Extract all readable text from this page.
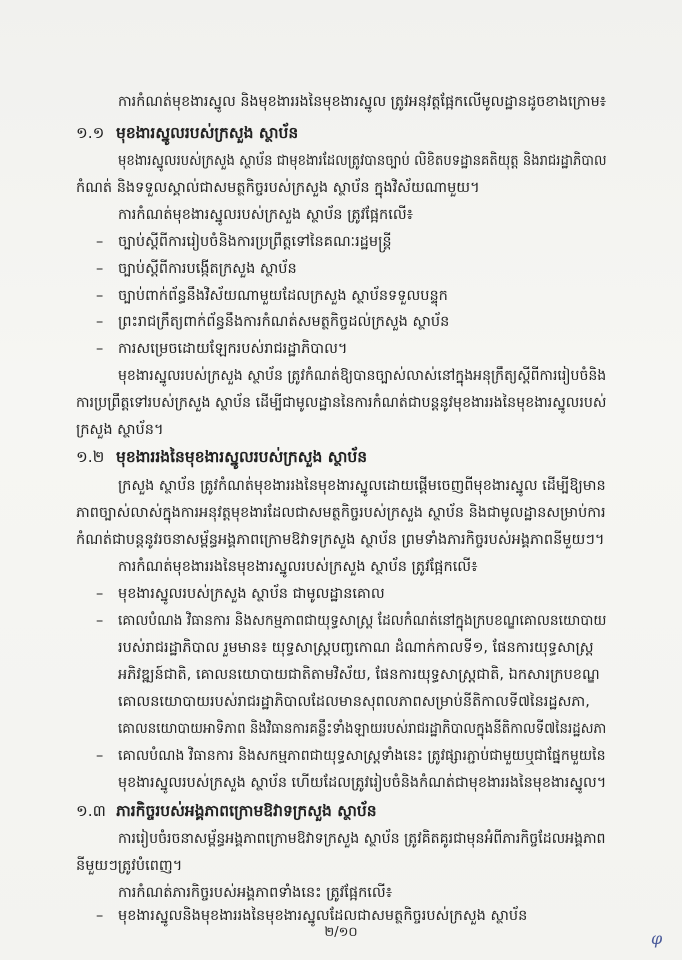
ការកំណត់មុខងារស្នូល និងមុខងាររងនៃមុខងារស្នូល ត្រូវអនុវត្តផ្អែកលើមូលដ្ឋានដូចខាងក្រោម៖
១.១ មុខងារស្នូលរបស់ក្រសួង ស្ថាប័ន
មុខងារស្នូលរបស់ក្រសួង ស្ថាប័ន ជាមុខងារដែលត្រូវបានច្បាប់ លិខិតបទដ្ឋានគតិយុត្ត និងរាជរដ្ឋាភិបាល
កំណត់ និងទទួលស្គាល់ជាសមត្ថកិច្ចរបស់ក្រសួង ស្ថាប័ន ក្នុងវិស័យណាមួយ។
ការកំណត់មុខងារស្នូលរបស់ក្រសួង ស្ថាប័ន ត្រូវផ្អែកលើ៖
– ច្បាប់ស្តីពីការរៀបចំនិងការប្រព្រឹត្តទៅនៃគណៈរដ្ឋមន្ត្រី
– ច្បាប់ស្តីពីការបង្កើតក្រសួង ស្ថាប័ន
– ច្បាប់ពាក់ព័ន្ធនឹងវិស័យណាមួយដែលក្រសួង ស្ថាប័នទទួលបន្ទុក
– ព្រះរាជក្រឹត្យពាក់ព័ន្ធនឹងការកំណត់សមត្ថកិច្ចដល់ក្រសួង ស្ថាប័ន
– ការសម្រេចដោយឡែករបស់រាជរដ្ឋាភិបាល។
មុខងារស្នូលរបស់ក្រសួង ស្ថាប័ន ត្រូវកំណត់ឱ្យបានច្បាស់លាស់នៅក្នុងអនុក្រឹត្យស្តីពីការរៀបចំនិង
ការប្រព្រឹត្តទៅរបស់ក្រសួង ស្ថាប័ន ដើម្បីជាមូលដ្ឋាននៃការកំណត់ជាបន្តនូវមុខងាររងនៃមុខងារស្នូលរបស់
ក្រសួង ស្ថាប័ន។
១.២ មុខងាររងនៃមុខងារស្នូលរបស់ក្រសួង ស្ថាប័ន
ក្រសួង ស្ថាប័ន ត្រូវកំណត់មុខងាររងនៃមុខងារស្នូលដោយផ្តើមចេញពីមុខងារស្នូល ដើម្បីឱ្យមាន
ភាពច្បាស់លាស់ក្នុងការអនុវត្តមុខងារដែលជាសមត្ថកិច្ចរបស់ក្រសួង ស្ថាប័ន និងជាមូលដ្ឋានសម្រាប់ការ
កំណត់ជាបន្តនូវរចនាសម្ព័ន្ធអង្គភាពក្រោមឱវាទក្រសួង ស្ថាប័ន ព្រមទាំងភារកិច្ចរបស់អង្គភាពនីមួយៗ។
ការកំណត់មុខងាររងនៃមុខងារស្នូលរបស់ក្រសួង ស្ថាប័ន ត្រូវផ្អែកលើ៖
– មុខងារស្នូលរបស់ក្រសួង ស្ថាប័ន ជាមូលដ្ឋានគោល
– គោលបំណង វិធានការ និងសកម្មភាពជាយុទ្ធសាស្ត្រ ដែលកំណត់នៅក្នុងក្របខណ្ឌគោលនយោបាយ
របស់រាជរដ្ឋាភិបាល រួមមាន៖ យុទ្ធសាស្ត្របញ្ចកោណ ដំណាក់កាលទី១, ផែនការយុទ្ធសាស្ត្រ
អភិវឌ្ឍន៍ជាតិ, គោលនយោបាយជាតិតាមវិស័យ, ផែនការយុទ្ធសាស្ត្រជាតិ, ឯកសារក្របខណ្ឌ
គោលនយោបាយរបស់រាជរដ្ឋាភិបាលដែលមានសុពលភាពសម្រាប់នីតិកាលទី៧នៃរដ្ឋសភា,
គោលនយោបាយអាទិភាព និងវិធានការគន្លឹះទាំងឡាយរបស់រាជរដ្ឋាភិបាលក្នុងនីតិកាលទី៧នៃរដ្ឋសភា
– គោលបំណង វិធានការ និងសកម្មភាពជាយុទ្ធសាស្ត្រទាំងនេះ ត្រូវផ្សារភ្ជាប់ជាមួយឬជាផ្នែកមួយនៃ
មុខងារស្នូលរបស់ក្រសួង ស្ថាប័ន ហើយដែលត្រូវរៀបចំនិងកំណត់ជាមុខងាររងនៃមុខងារស្នូល។
១.៣ ភារកិច្ចរបស់អង្គភាពក្រោមឱវាទក្រសួង ស្ថាប័ន
ការរៀបចំរចនាសម្ព័ន្ធអង្គភាពក្រោមឱវាទក្រសួង ស្ថាប័ន ត្រូវគិតគូរជាមុនអំពីភារកិច្ចដែលអង្គភាព
នីមួយៗត្រូវបំពេញ។
ការកំណត់ភារកិច្ចរបស់អង្គភាពទាំងនេះ ត្រូវផ្អែកលើ៖
– មុខងារស្នូលនិងមុខងាររងនៃមុខងារស្នូលដែលជាសមត្ថកិច្ចរបស់ក្រសួង ស្ថាប័ន
២/១០	φ
